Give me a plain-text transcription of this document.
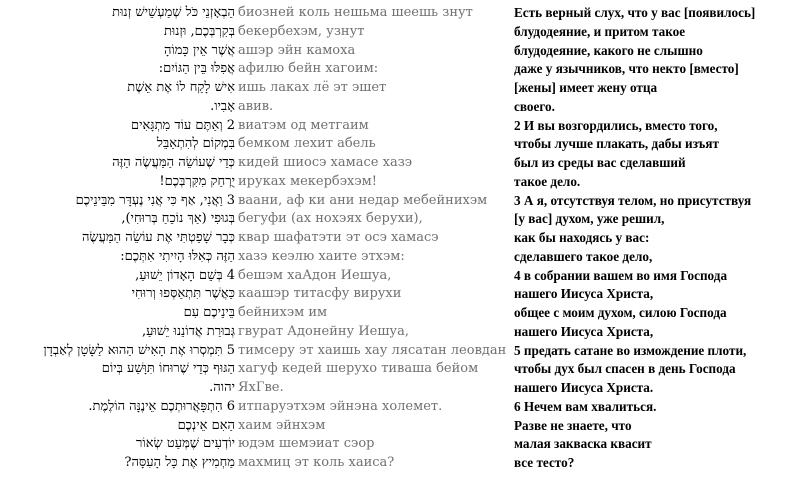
הֵבְאָזְנֵי כֹּל שְׁמַעְשֵׁישׁ זְנוּת
בְּקִרְבְּכֶם, וּזְנוּת
אֲשֶׁר אֵין כָּמוֹהָ
אֲפִלּוּ בֵּין הַגּוֹיִם:
אִישׁ לָקַח לוֹ אֶת אֵשֶׁת
אָבִיו.
2 וְאַתֶּם עוֹד מִתְגָּאִים
בִּמְקוֹם לְהִתְאַבֵּל
כְּדֵי שֶׁעוֹשֵׂה הַמַּעֲשֶׂה הַזֶּה
יֻרְחַק מִקִּרְבְּכֶם!
3 וַאֲנִי, אַף כִּי אֲנִי נֶעְדָּר מִבֵּינֵיכֶם
בְּגוּפִי (אַךְ נוֹכֵחַ בְּרוּחִי),
כְּבָר שָׁפַטְתִּי אֶת עוֹשֵׂה הַמַּעֲשֶׂה
הַזֶּה כְּאִלּוּ הָיִיתִי אִתְּכֶם:
4 בְּשֵׁם הָאָדוֹן יֵשׁוּעַ,
כַּאֲשֶׁר תִּתְאַסְּפוּ וְרוּחִי
בֵּינֵיכֶם עִם
גְּבוּרַת אֲדוֹנֵנוּ יֵשׁוּעַ,
5 תִּמְסְרוּ אֶת הָאִישׁ הַהוּא לַשָּׂטָן לְאַבְדָן
הַגּוּף כְּדֵי שֶׁרוּחוֹ תִּוָּשַׁע בְּיוֹם
יהוה.
6 הִתְפָּאֲרוּתְכֶם אֵינֶנָּה הוֹלֶמֶת.
הַאִם אֵינְכֶם
יוֹדְעִים שֶׁמְּעַט שְׂאוֹר
מַחְמִיץ אֶת כָּל הָעִסָּה?
биозней коль нешьма шеешь знут
бекербехэм, узнут
ашэр эйн камоха
афилю бейн хагоим:
ишь лаках лё эт эшет
авив.
виатэм од метгаим
бемком лехит абель
кидей шиосэ хамасе хазэ
ируках мекербэхэм!
ваани, аф ки ани недар мебейнихэм
бегуфи (ах нохэях берухи),
квар шафатэти эт осэ хамасэ
хазэ кеэлю хаите этхэм:
бешэм хаАдон Иешуа,
каашэр титасфу вирухи
бейнихэм им
гвурат Адонейну Иешуа,
тимсеру эт хаишь хау лясатан леовдан
хагуф кедей шерухо тиваша бейом
ЯхГве.
итпаруэтхэм эйнэна холемет.
хаим эйнхэм
юдэм шемэиат сэор
махмиц эт коль хаиса?
Есть верный слух, что у вас [появилось]
блудодеяние, и притом такое
блудодеяние, какого не слышно
даже у язычников, что некто [вместо]
[жены] имеет жену отца
своего.
2 И вы возгордились, вместо того,
чтобы лучше плакать, дабы изъят
был из среды вас сделавший
такое дело.
3 А я, отсутствуя телом, но присутствуя
[у вас] духом, уже решил,
как бы находясь у вас:
сделавшего такое дело,
4 в собрании вашем во имя Господа
нашего Иисуса Христа,
общее с моим духом, силою Господа
нашего Иисуса Христа,
5 предать сатане во измождение плоти,
чтобы дух был спасен в день Господа
нашего Иисуса Христа.
6 Нечем вам хвалиться.
Разве не знаете, что
малая закваска квасит
все тесто?
